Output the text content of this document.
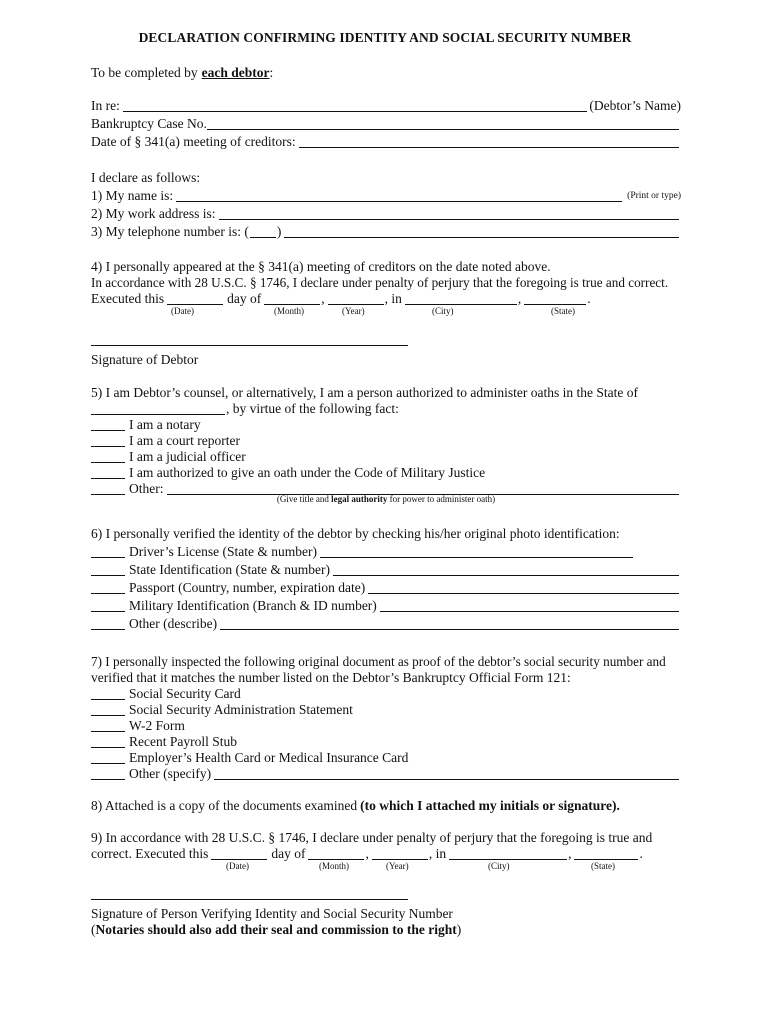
DECLARATION CONFIRMING IDENTITY AND SOCIAL SECURITY NUMBER
To be completed by each debtor :
In re:	(Debtor’s Name)
Bankruptcy Case No.
Date of § 341(a) meeting of creditors:
I declare as follows:
1) My name is:	(Print or type)
2) My work address is:
3) My telephone number is: ( )
4) I personally appeared at the § 341(a) meeting of creditors on the date noted above.
In accordance with 28 U.S.C. § 1746, I declare under penalty of perjury that the foregoing is true and correct.
Executed this	day of	,	, in	,	.
(Date)	(Month)	(Year)	(City)	(State)
Signature of Debtor
5) I am Debtor’s counsel, or alternatively, I am a person authorized to administer oaths in the State of
, by virtue of the following fact:
I am a notary
I am a court reporter
I am a judicial officer
I am authorized to give an oath under the Code of Military Justice
Other:
(Give title and legal authority for power to administer oath)
6) I personally verified the identity of the debtor by checking his/her original photo identification:
Driver’s License (State & number)
State Identification (State & number)
Passport (Country, number, expiration date)
Military Identification (Branch & ID number)
Other (describe)
7) I personally inspected the following original document as proof of the debtor’s social security number and
verified that it matches the number listed on the Debtor’s Bankruptcy Official Form 121:
Social Security Card
Social Security Administration Statement
W-2 Form
Recent Payroll Stub
Employer’s Health Card or Medical Insurance Card
Other (specify)
8) Attached is a copy of the documents examined (to which I attached my initials or signature).
9) In accordance with 28 U.S.C. § 1746, I declare under penalty of perjury that the foregoing is true and
correct. Executed this	day of	,	, in	,	.
(Date)	(Month)	(Year)	(City)	(State)
Signature of Person Verifying Identity and Social Security Number
( Notaries should also add their seal and commission to the right )
